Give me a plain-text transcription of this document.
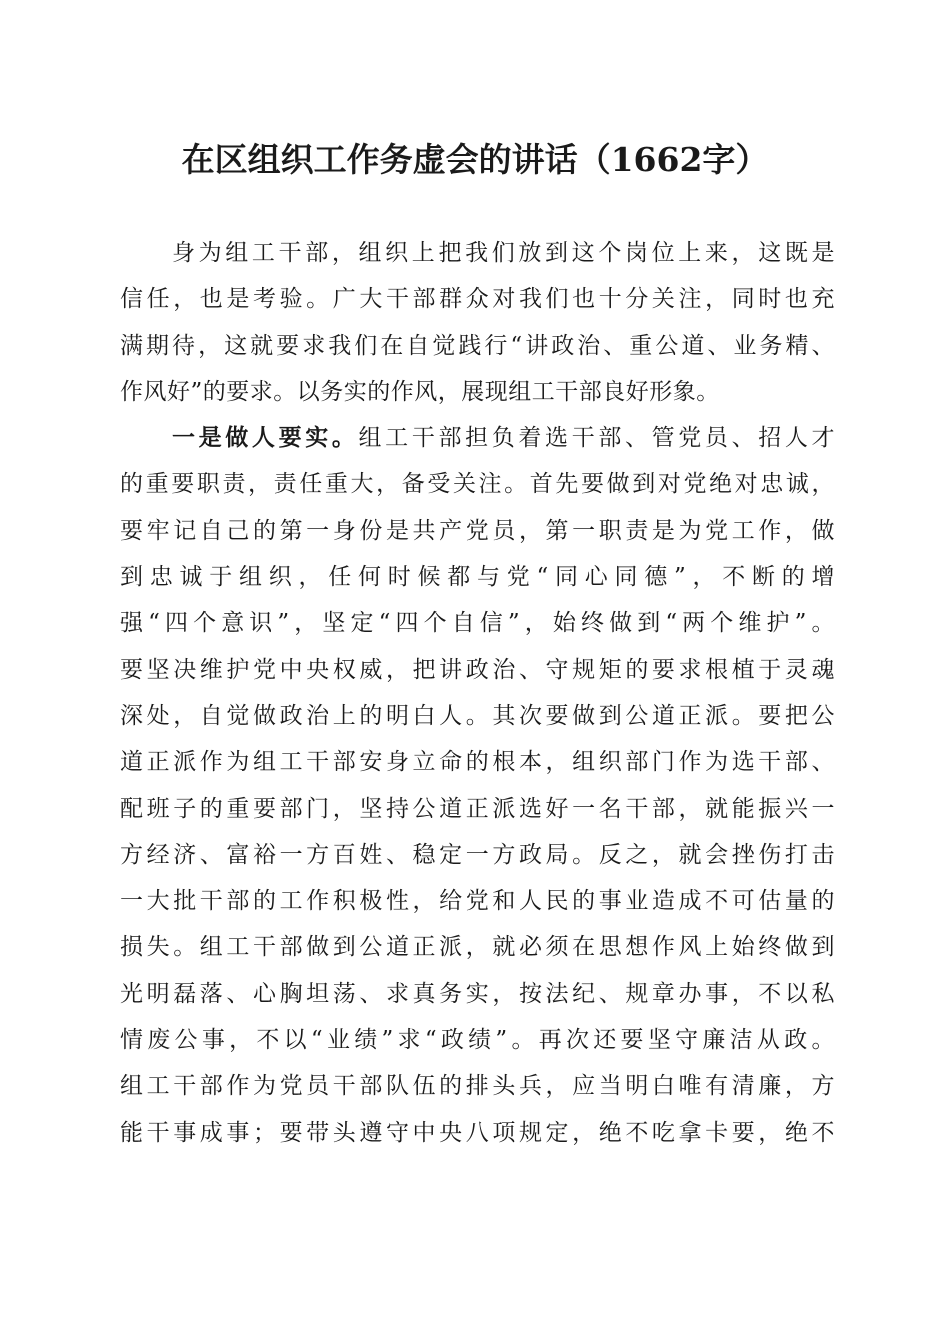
在区组织工作务虚会的讲话（1662字）
身为组工干部，组织上把我们放到这个岗位上来，这既是
信任，也是考验。广大干部群众对我们也十分关注，同时也充
满期待，这就要求我们在自觉践行“讲政治、重公道、业务精、
作风好”的要求。以务实的作风，展现组工干部良好形象。
一是做人要实。组工干部担负着选干部、管党员、招人才
的重要职责，责任重大，备受关注。首先要做到对党绝对忠诚，
要牢记自己的第一身份是共产党员，第一职责是为党工作，做
到忠诚于组织，任何时候都与党“同心同德”，不断的增
强“四个意识”，坚定“四个自信”，始终做到“两个维护”。
要坚决维护党中央权威，把讲政治、守规矩的要求根植于灵魂
深处，自觉做政治上的明白人。其次要做到公道正派。要把公
道正派作为组工干部安身立命的根本，组织部门作为选干部、
配班子的重要部门，坚持公道正派选好一名干部，就能振兴一
方经济、富裕一方百姓、稳定一方政局。反之，就会挫伤打击
一大批干部的工作积极性，给党和人民的事业造成不可估量的
损失。组工干部做到公道正派，就必须在思想作风上始终做到
光明磊落、心胸坦荡、求真务实，按法纪、规章办事，不以私
情废公事，不以“业绩”求“政绩”。再次还要坚守廉洁从政。
组工干部作为党员干部队伍的排头兵，应当明白唯有清廉，方
能干事成事；要带头遵守中央八项规定，绝不吃拿卡要，绝不
